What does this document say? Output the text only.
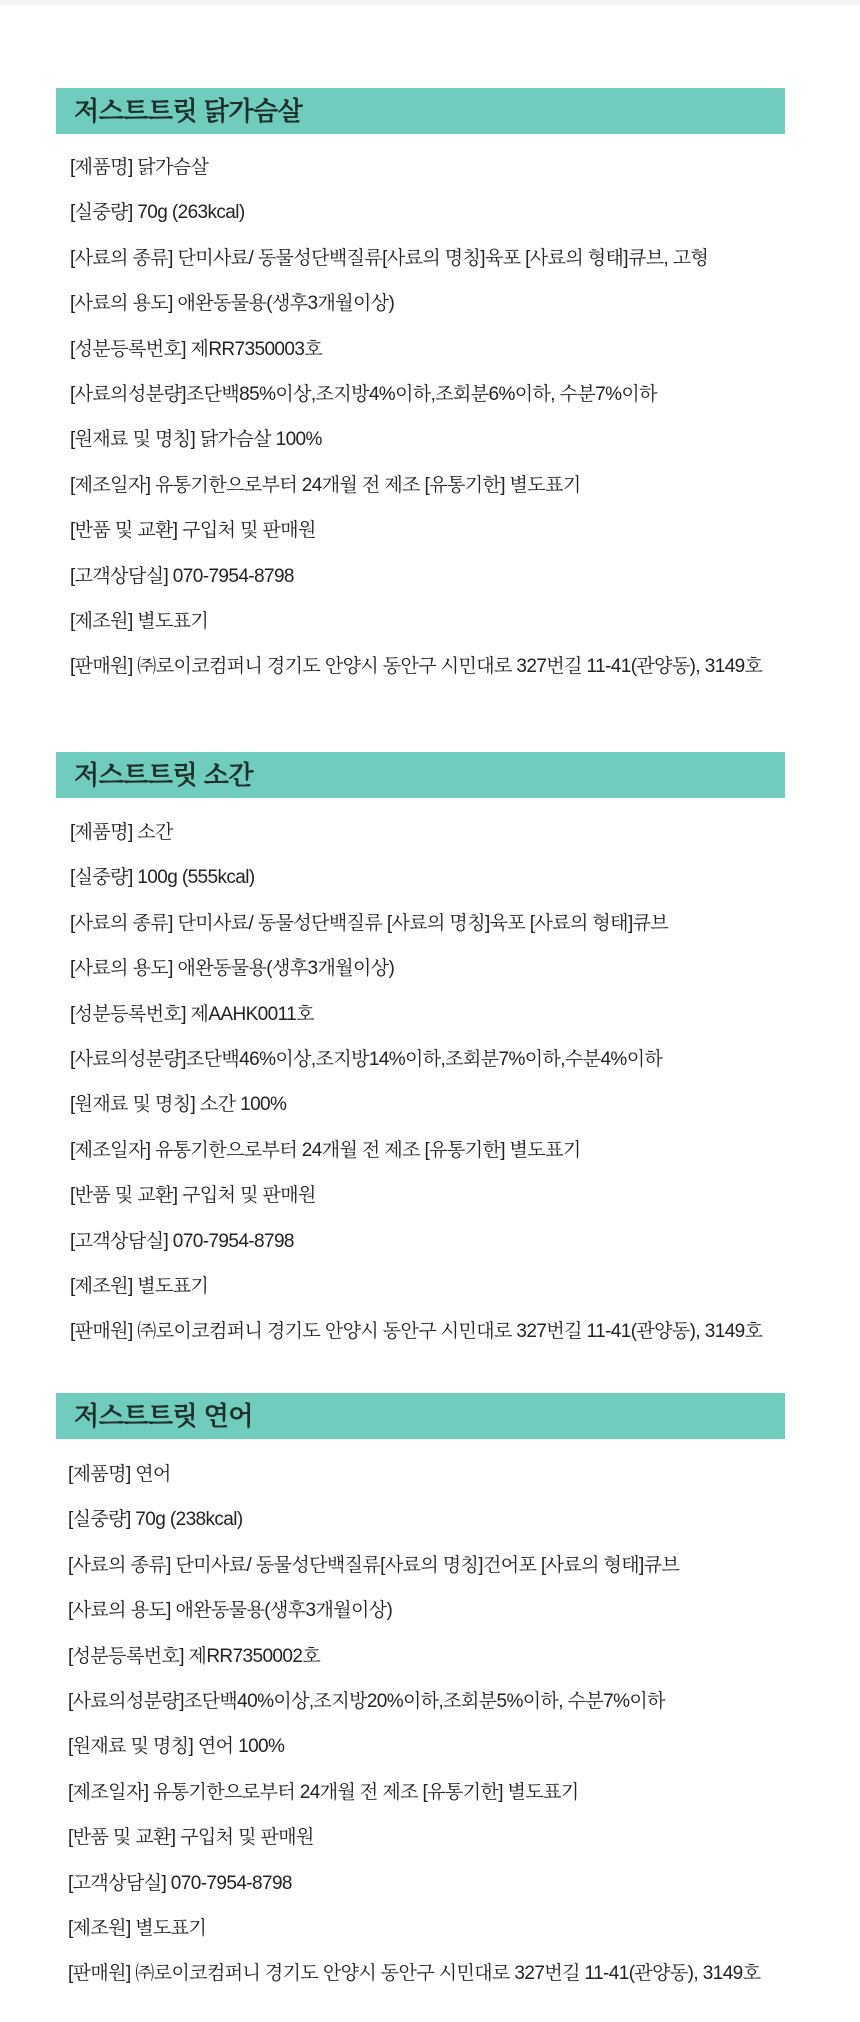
저스트트릿 닭가슴살
[제품명] 닭가슴살
[실중량] 70g (263kcal)
[사료의 종류] 단미사료/ 동물성단백질류[사료의 명칭]육포 [사료의 형태]큐브, 고형
[사료의 용도] 애완동물용(생후3개월이상)
[성분등록번호] 제RR7350003호
[사료의성분량]조단백85%이상,조지방4%이하,조회분6%이하, 수분7%이하
[원재료 및 명칭] 닭가슴살 100%
[제조일자] 유통기한으로부터 24개월 전 제조 [유통기한] 별도표기
[반품 및 교환] 구입처 및 판매원
[고객상담실] 070-7954-8798
[제조원] 별도표기
[판매원] ㈜로이코컴퍼니 경기도 안양시 동안구 시민대로 327번길 11-41(관양동), 3149호
저스트트릿 소간
[제품명] 소간
[실중량] 100g (555kcal)
[사료의 종류] 단미사료/ 동물성단백질류 [사료의 명칭]육포 [사료의 형태]큐브
[사료의 용도] 애완동물용(생후3개월이상)
[성분등록번호] 제AAHK0011호
[사료의성분량]조단백46%이상,조지방14%이하,조회분7%이하,수분4%이하
[원재료 및 명칭] 소간 100%
[제조일자] 유통기한으로부터 24개월 전 제조 [유통기한] 별도표기
[반품 및 교환] 구입처 및 판매원
[고객상담실] 070-7954-8798
[제조원] 별도표기
[판매원] ㈜로이코컴퍼니 경기도 안양시 동안구 시민대로 327번길 11-41(관양동), 3149호
저스트트릿 연어
[제품명] 연어
[실중량] 70g (238kcal)
[사료의 종류] 단미사료/ 동물성단백질류[사료의 명칭]건어포 [사료의 형태]큐브
[사료의 용도] 애완동물용(생후3개월이상)
[성분등록번호] 제RR7350002호
[사료의성분량]조단백40%이상,조지방20%이하,조회분5%이하, 수분7%이하
[원재료 및 명칭] 연어 100%
[제조일자] 유통기한으로부터 24개월 전 제조 [유통기한] 별도표기
[반품 및 교환] 구입처 및 판매원
[고객상담실] 070-7954-8798
[제조원] 별도표기
[판매원] ㈜로이코컴퍼니 경기도 안양시 동안구 시민대로 327번길 11-41(관양동), 3149호
